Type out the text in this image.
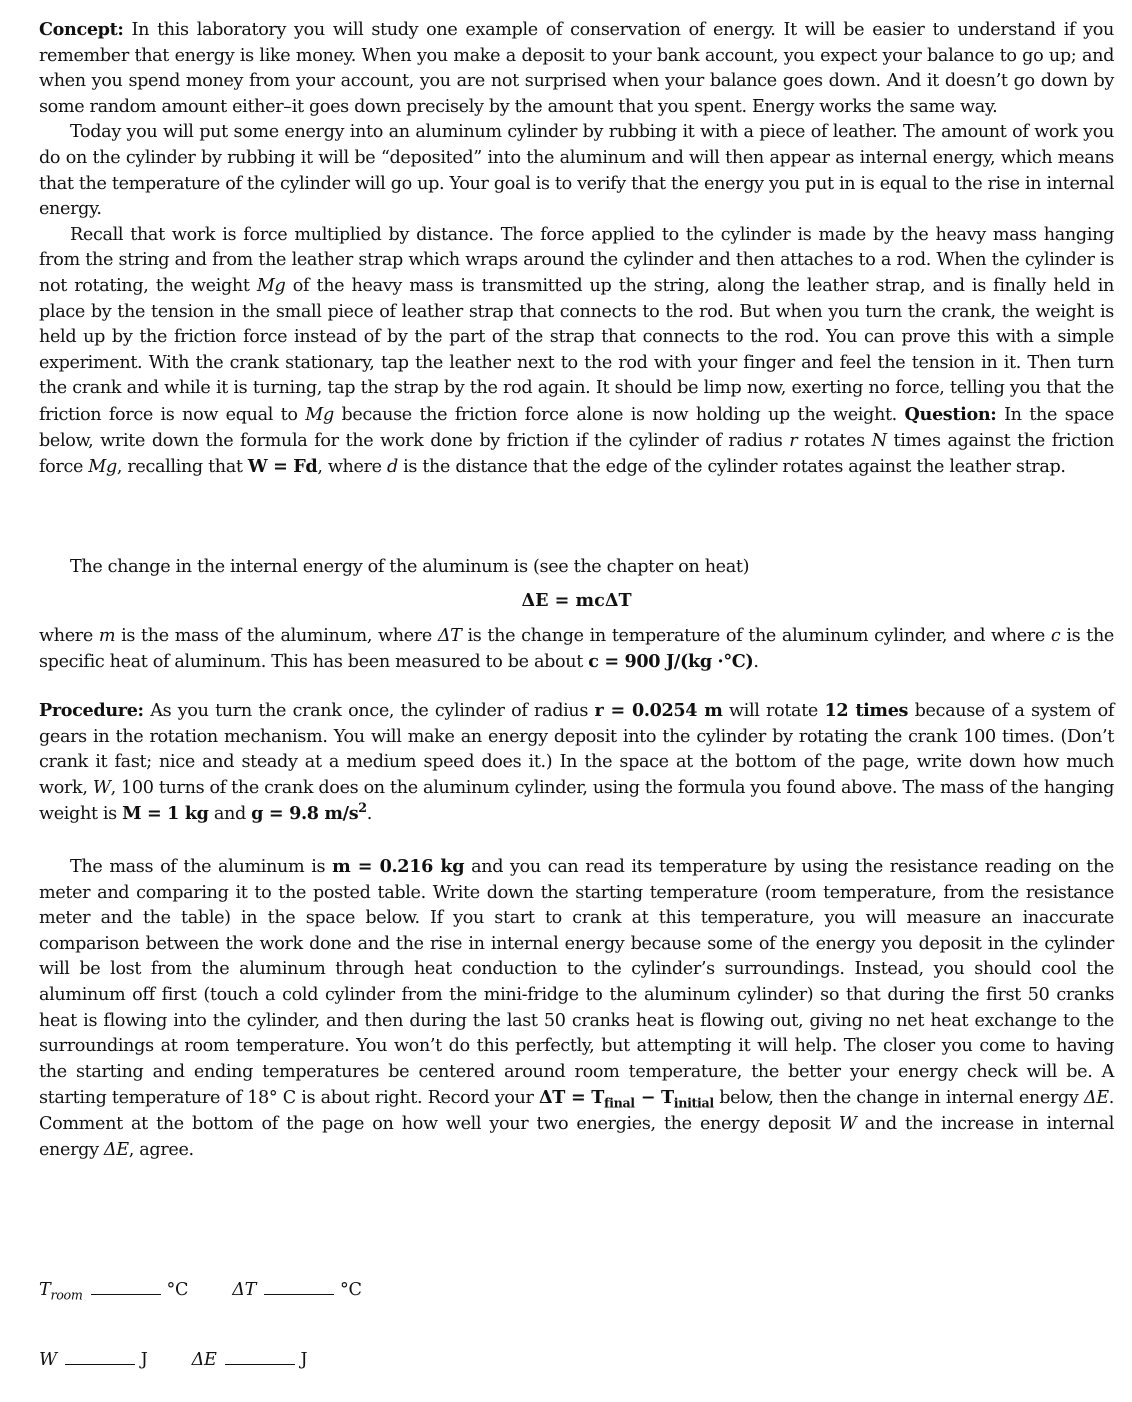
Concept: In this laboratory you will study one example of conservation of energy. It will be easier to understand if you remember that energy is like money. When you make a deposit to your bank account, you expect your balance to go up; and when you spend money from your account, you are not surprised when your balance goes down. And it doesn’t go down by some random amount either–it goes down precisely by the amount that you spent. Energy works the same way.

Today you will put some energy into an aluminum cylinder by rubbing it with a piece of leather. The amount of work you do on the cylinder by rubbing it will be “deposited” into the aluminum and will then appear as internal energy, which means that the temperature of the cylinder will go up. Your goal is to verify that the energy you put in is equal to the rise in internal energy.

Recall that work is force multiplied by distance. The force applied to the cylinder is made by the heavy mass hanging from the string and from the leather strap which wraps around the cylinder and then attaches to a rod. When the cylinder is not rotating, the weight Mg of the heavy mass is transmitted up the string, along the leather strap, and is finally held in place by the tension in the small piece of leather strap that connects to the rod. But when you turn the crank, the weight is held up by the friction force instead of by the part of the strap that connects to the rod. You can prove this with a simple experiment. With the crank stationary, tap the leather next to the rod with your finger and feel the tension in it. Then turn the crank and while it is turning, tap the strap by the rod again. It should be limp now, exerting no force, telling you that the friction force is now equal to Mg because the friction force alone is now holding up the weight. Question: In the space below, write down the formula for the work done by friction if the cylinder of radius r rotates N times against the friction force Mg, recalling that W = Fd, where d is the distance that the edge of the cylinder rotates against the leather strap.

The change in the internal energy of the aluminum is (see the chapter on heat)

ΔE = mcΔT

where m is the mass of the aluminum, where ΔT is the change in temperature of the aluminum cylinder, and where c is the specific heat of aluminum. This has been measured to be about c = 900 J/(kg ·°C).

Procedure: As you turn the crank once, the cylinder of radius r = 0.0254 m will rotate 12 times because of a system of gears in the rotation mechanism. You will make an energy deposit into the cylinder by rotating the crank 100 times. (Don’t crank it fast; nice and steady at a medium speed does it.) In the space at the bottom of the page, write down how much work, W, 100 turns of the crank does on the aluminum cylinder, using the formula you found above. The mass of the hanging weight is M = 1 kg and g = 9.8 $m/s^2$.

The mass of the aluminum is m = 0.216 kg and you can read its temperature by using the resistance reading on the meter and comparing it to the posted table. Write down the starting temperature (room temperature, from the resistance meter and the table) in the space below. If you start to crank at this temperature, you will measure an inaccurate comparison between the work done and the rise in internal energy because some of the energy you deposit in the cylinder will be lost from the aluminum through heat conduction to the cylinder’s surroundings. Instead, you should cool the aluminum off first (touch a cold cylinder from the mini-fridge to the aluminum cylinder) so that during the first 50 cranks heat is flowing into the cylinder, and then during the last 50 cranks heat is flowing out, giving no net heat exchange to the surroundings at room temperature. You won’t do this perfectly, but attempting it will help. The closer you come to having the starting and ending temperatures be centered around room temperature, the better your energy check will be. A starting temperature of 18° C is about right. Record your $\Delta T = T_{final} - T_{initial}$ below, then the change in internal energy ΔE. Comment at the bottom of the page on how well your two energies, the energy deposit W and the increase in internal energy ΔE, agree.

$T_{room}$	°C	ΔT	°C
W	J	ΔE	J
